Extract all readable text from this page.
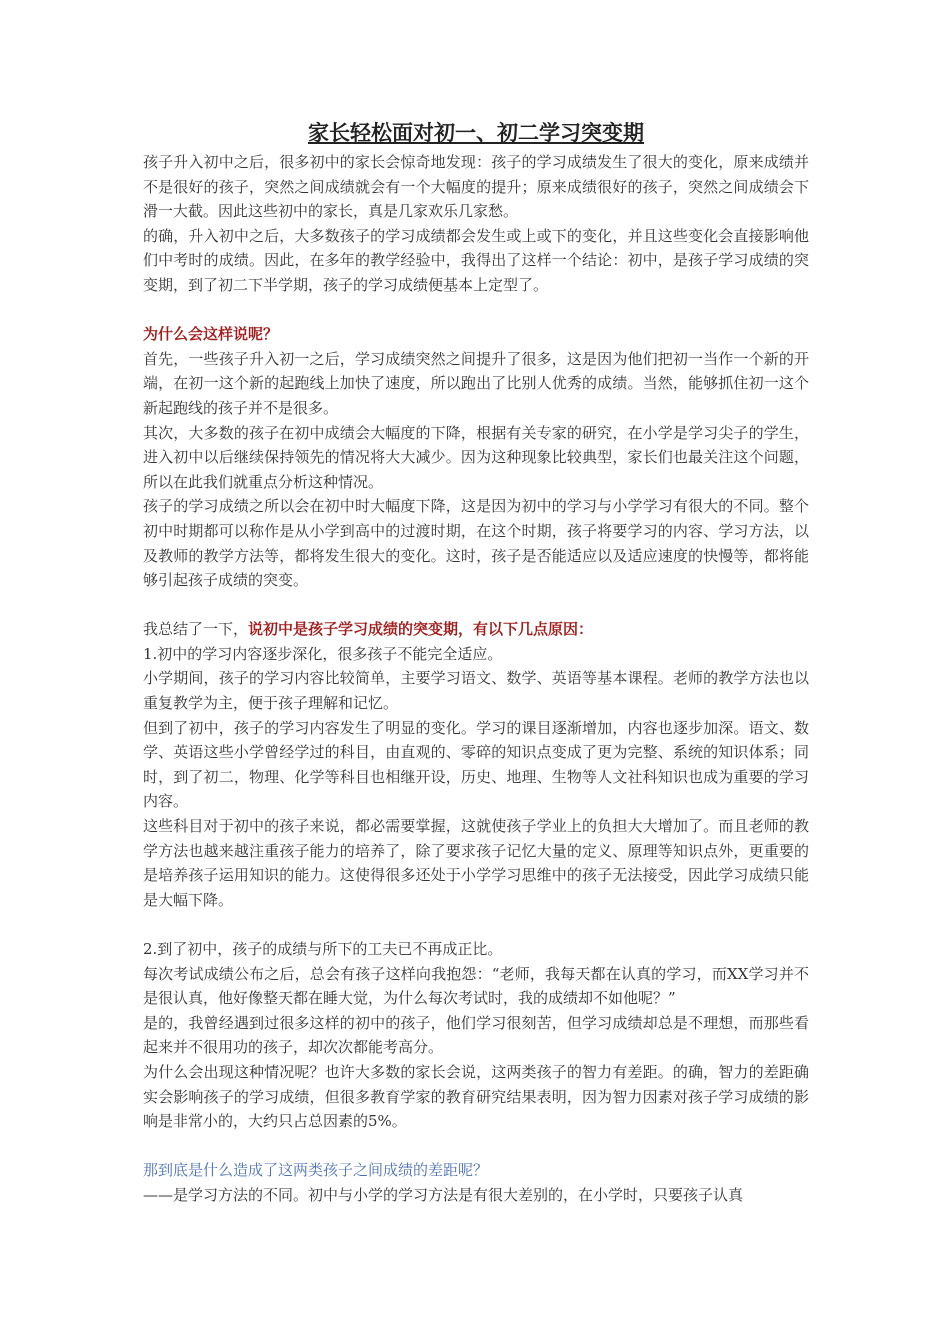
家长轻松面对初一、初二学习突变期

孩子升入初中之后，很多初中的家长会惊奇地发现：孩子的学习成绩发生了很大的变化，原来成绩并不是很好的孩子，突然之间成绩就会有一个大幅度的提升；原来成绩很好的孩子，突然之间成绩会下滑一大截。因此这些初中的家长，真是几家欢乐几家愁。

的确，升入初中之后，大多数孩子的学习成绩都会发生或上或下的变化，并且这些变化会直接影响他们中考时的成绩。因此，在多年的教学经验中，我得出了这样一个结论：初中，是孩子学习成绩的突变期，到了初二下半学期，孩子的学习成绩便基本上定型了。

为什么会这样说呢？

首先，一些孩子升入初一之后，学习成绩突然之间提升了很多，这是因为他们把初一当作一个新的开端，在初一这个新的起跑线上加快了速度，所以跑出了比别人优秀的成绩。当然，能够抓住初一这个新起跑线的孩子并不是很多。

其次，大多数的孩子在初中成绩会大幅度的下降，根据有关专家的研究，在小学是学习尖子的学生，进入初中以后继续保持领先的情况将大大减少。因为这种现象比较典型，家长们也最关注这个问题，所以在此我们就重点分析这种情况。

孩子的学习成绩之所以会在初中时大幅度下降，这是因为初中的学习与小学学习有很大的不同。整个初中时期都可以称作是从小学到高中的过渡时期，在这个时期，孩子将要学习的内容、学习方法，以及教师的教学方法等，都将发生很大的变化。这时，孩子是否能适应以及适应速度的快慢等，都将能够引起孩子成绩的突变。

我总结了一下，说初中是孩子学习成绩的突变期，有以下几点原因：

1.初中的学习内容逐步深化，很多孩子不能完全适应。

小学期间，孩子的学习内容比较简单，主要学习语文、数学、英语等基本课程。老师的教学方法也以重复教学为主，便于孩子理解和记忆。

但到了初中，孩子的学习内容发生了明显的变化。学习的课目逐渐增加，内容也逐步加深。语文、数学、英语这些小学曾经学过的科目，由直观的、零碎的知识点变成了更为完整、系统的知识体系；同时，到了初二，物理、化学等科目也相继开设，历史、地理、生物等人文社科知识也成为重要的学习内容。

这些科目对于初中的孩子来说，都必需要掌握，这就使孩子学业上的负担大大增加了。而且老师的教学方法也越来越注重孩子能力的培养了，除了要求孩子记忆大量的定义、原理等知识点外，更重要的是培养孩子运用知识的能力。这使得很多还处于小学学习思维中的孩子无法接受，因此学习成绩只能是大幅下降。

2.到了初中，孩子的成绩与所下的工夫已不再成正比。

每次考试成绩公布之后，总会有孩子这样向我抱怨：“老师，我每天都在认真的学习，而XX学习并不是很认真，他好像整天都在睡大觉，为什么每次考试时，我的成绩却不如他呢？”

是的，我曾经遇到过很多这样的初中的孩子，他们学习很刻苦，但学习成绩却总是不理想，而那些看起来并不很用功的孩子，却次次都能考高分。

为什么会出现这种情况呢？也许大多数的家长会说，这两类孩子的智力有差距。的确，智力的差距确实会影响孩子的学习成绩，但很多教育学家的教育研究结果表明，因为智力因素对孩子学习成绩的影响是非常小的，大约只占总因素的5%。

那到底是什么造成了这两类孩子之间成绩的差距呢？

——是学习方法的不同。初中与小学的学习方法是有很大差别的，在小学时，只要孩子认真
